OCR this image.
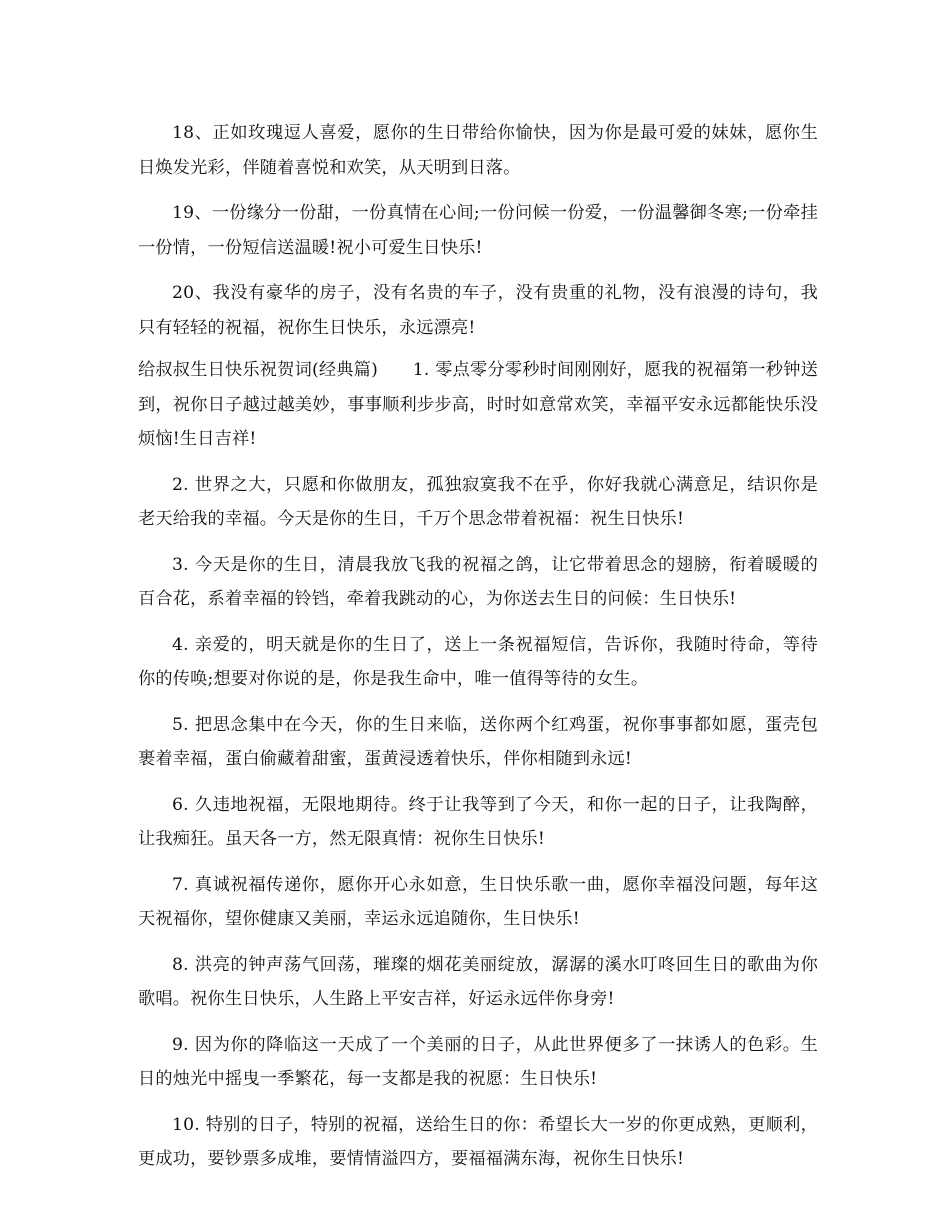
18、正如玫瑰逗人喜爱，愿你的生日带给你愉快，因为你是最可爱的妹妹，愿你生日焕发光彩，伴随着喜悦和欢笑，从天明到日落。

19、一份缘分一份甜，一份真情在心间;一份问候一份爱，一份温馨御冬寒;一份牵挂一份情，一份短信送温暖!祝小可爱生日快乐!

20、我没有豪华的房子，没有名贵的车子，没有贵重的礼物，没有浪漫的诗句，我只有轻轻的祝福，祝你生日快乐，永远漂亮!

给叔叔生日快乐祝贺词(经典篇)　　1. 零点零分零秒时间刚刚好，愿我的祝福第一秒钟送到，祝你日子越过越美妙，事事顺利步步高，时时如意常欢笑，幸福平安永远都能快乐没烦恼!生日吉祥!

2. 世界之大，只愿和你做朋友，孤独寂寞我不在乎，你好我就心满意足，结识你是老天给我的幸福。今天是你的生日，千万个思念带着祝福：祝生日快乐!

3. 今天是你的生日，清晨我放飞我的祝福之鸽，让它带着思念的翅膀，衔着暖暖的百合花，系着幸福的铃铛，牵着我跳动的心，为你送去生日的问候：生日快乐!

4. 亲爱的，明天就是你的生日了，送上一条祝福短信，告诉你，我随时待命，等待你的传唤;想要对你说的是，你是我生命中，唯一值得等待的女生。

5. 把思念集中在今天，你的生日来临，送你两个红鸡蛋，祝你事事都如愿，蛋壳包裹着幸福，蛋白偷藏着甜蜜，蛋黄浸透着快乐，伴你相随到永远!

6. 久违地祝福，无限地期待。终于让我等到了今天，和你一起的日子，让我陶醉，让我痴狂。虽天各一方，然无限真情：祝你生日快乐!

7. 真诚祝福传递你，愿你开心永如意，生日快乐歌一曲，愿你幸福没问题，每年这天祝福你，望你健康又美丽，幸运永远追随你，生日快乐!

8. 洪亮的钟声荡气回荡，璀璨的烟花美丽绽放，潺潺的溪水叮咚回生日的歌曲为你歌唱。祝你生日快乐，人生路上平安吉祥，好运永远伴你身旁!

9. 因为你的降临这一天成了一个美丽的日子，从此世界便多了一抹诱人的色彩。生日的烛光中摇曳一季繁花，每一支都是我的祝愿：生日快乐!

10. 特别的日子，特别的祝福，送给生日的你：希望长大一岁的你更成熟，更顺利，更成功，要钞票多成堆，要情情溢四方，要福福满东海，祝你生日快乐!
